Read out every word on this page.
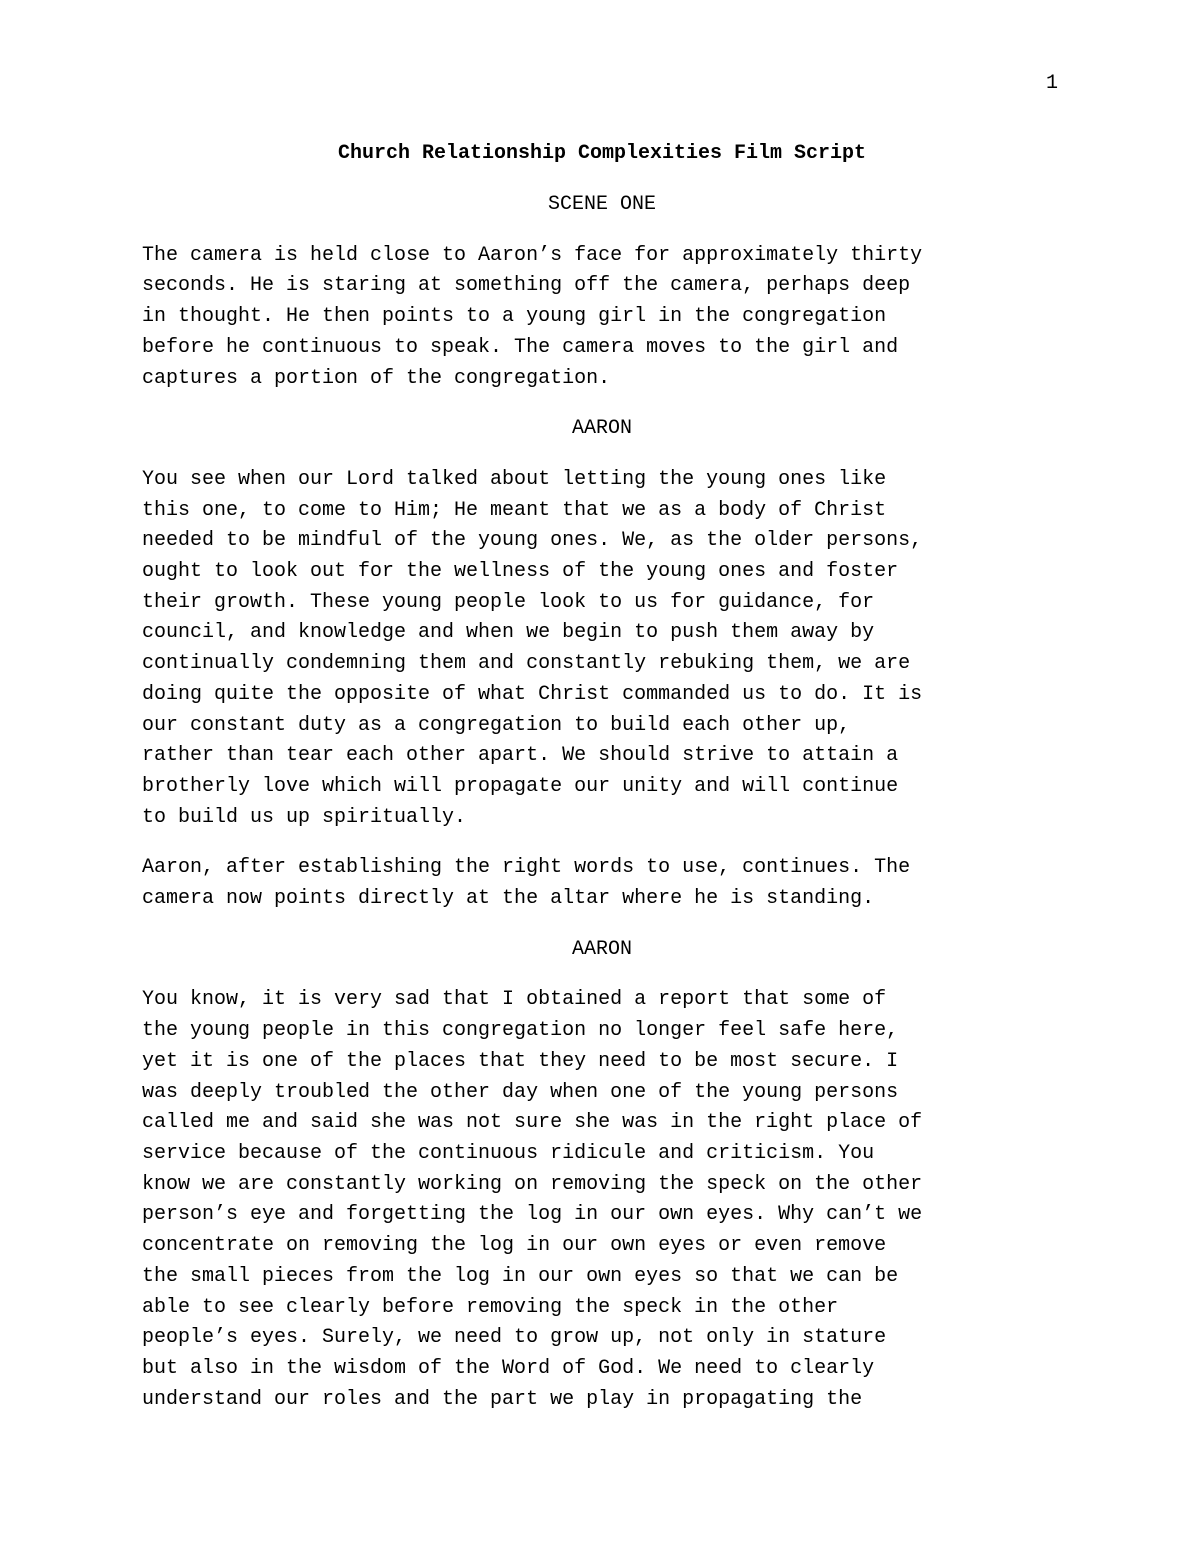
1
Church Relationship Complexities Film Script
SCENE ONE
The camera is held close to Aaron’s face for approximately thirty
seconds. He is staring at something off the camera, perhaps deep
in thought. He then points to a young girl in the congregation
before he continuous to speak. The camera moves to the girl and
captures a portion of the congregation.
AARON
You see when our Lord talked about letting the young ones like
this one, to come to Him; He meant that we as a body of Christ
needed to be mindful of the young ones. We, as the older persons,
ought to look out for the wellness of the young ones and foster
their growth. These young people look to us for guidance, for
council, and knowledge and when we begin to push them away by
continually condemning them and constantly rebuking them, we are
doing quite the opposite of what Christ commanded us to do. It is
our constant duty as a congregation to build each other up,
rather than tear each other apart. We should strive to attain a
brotherly love which will propagate our unity and will continue
to build us up spiritually.
Aaron, after establishing the right words to use, continues. The
camera now points directly at the altar where he is standing.
AARON
You know, it is very sad that I obtained a report that some of
the young people in this congregation no longer feel safe here,
yet it is one of the places that they need to be most secure. I
was deeply troubled the other day when one of the young persons
called me and said she was not sure she was in the right place of
service because of the continuous ridicule and criticism. You
know we are constantly working on removing the speck on the other
person’s eye and forgetting the log in our own eyes. Why can’t we
concentrate on removing the log in our own eyes or even remove
the small pieces from the log in our own eyes so that we can be
able to see clearly before removing the speck in the other
people’s eyes. Surely, we need to grow up, not only in stature
but also in the wisdom of the Word of God. We need to clearly
understand our roles and the part we play in propagating the
